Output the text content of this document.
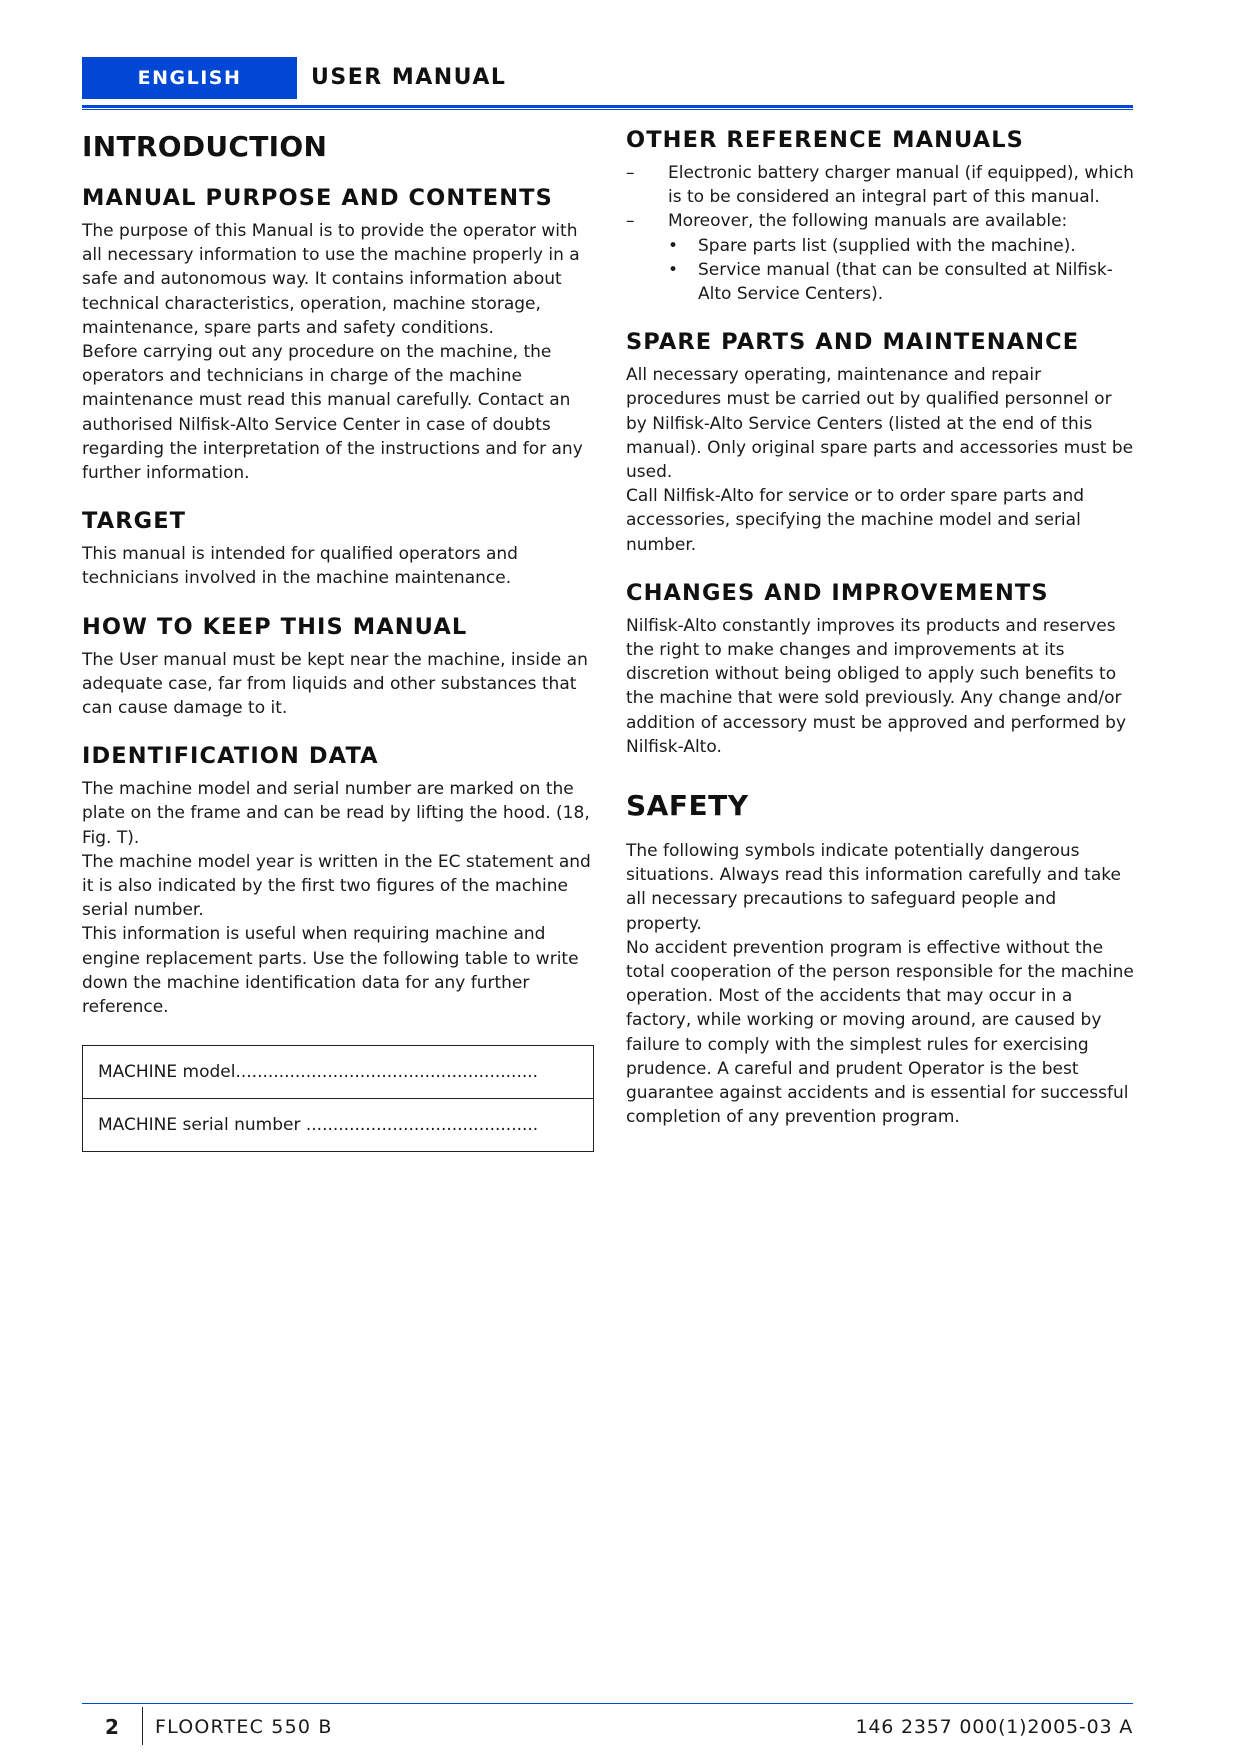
ENGLISH	USER MANUAL
INTRODUCTION
MANUAL PURPOSE AND CONTENTS

The purpose of this Manual is to provide the operator with all necessary information to use the machine properly in a safe and autonomous way. It contains information about technical characteristics, operation, machine storage, maintenance, spare parts and safety conditions.

Before carrying out any procedure on the machine, the operators and technicians in charge of the machine maintenance must read this manual carefully. Contact an authorised Nilfisk-Alto Service Center in case of doubts regarding the interpretation of the instructions and for any further information.

TARGET

This manual is intended for qualified operators and technicians involved in the machine maintenance.

HOW TO KEEP THIS MANUAL

The User manual must be kept near the machine, inside an adequate case, far from liquids and other substances that can cause damage to it.

IDENTIFICATION DATA

The machine model and serial number are marked on the plate on the frame and can be read by lifting the hood. (18, Fig. T).

The machine model year is written in the EC statement and it is also indicated by the first two figures of the machine serial number.

This information is useful when requiring machine and engine replacement parts. Use the following table to write down the machine identification data for any further reference.

MACHINE model........................................................
MACHINE serial number ...........................................
OTHER REFERENCE MANUALS
–	Electronic battery charger manual (if equipped), which is to be considered an integral part of this manual.
–	Moreover, the following manuals are available:
• Spare parts list (supplied with the machine).
• Service manual (that can be consulted at Nilfisk-Alto Service Centers).
SPARE PARTS AND MAINTENANCE

All necessary operating, maintenance and repair procedures must be carried out by qualified personnel or by Nilfisk-Alto Service Centers (listed at the end of this manual). Only original spare parts and accessories must be used.

Call Nilfisk-Alto for service or to order spare parts and accessories, specifying the machine model and serial number.

CHANGES AND IMPROVEMENTS

Nilfisk-Alto constantly improves its products and reserves the right to make changes and improvements at its discretion without being obliged to apply such benefits to the machine that were sold previously. Any change and/or addition of accessory must be approved and performed by Nilfisk-Alto.

SAFETY

The following symbols indicate potentially dangerous situations. Always read this information carefully and take all necessary precautions to safeguard people and property.

No accident prevention program is effective without the total cooperation of the person responsible for the machine operation. Most of the accidents that may occur in a factory, while working or moving around, are caused by failure to comply with the simplest rules for exercising prudence. A careful and prudent Operator is the best guarantee against accidents and is essential for successful completion of any prevention program.

2	FLOORTEC 550 B	146 2357 000(1)2005-03 A
